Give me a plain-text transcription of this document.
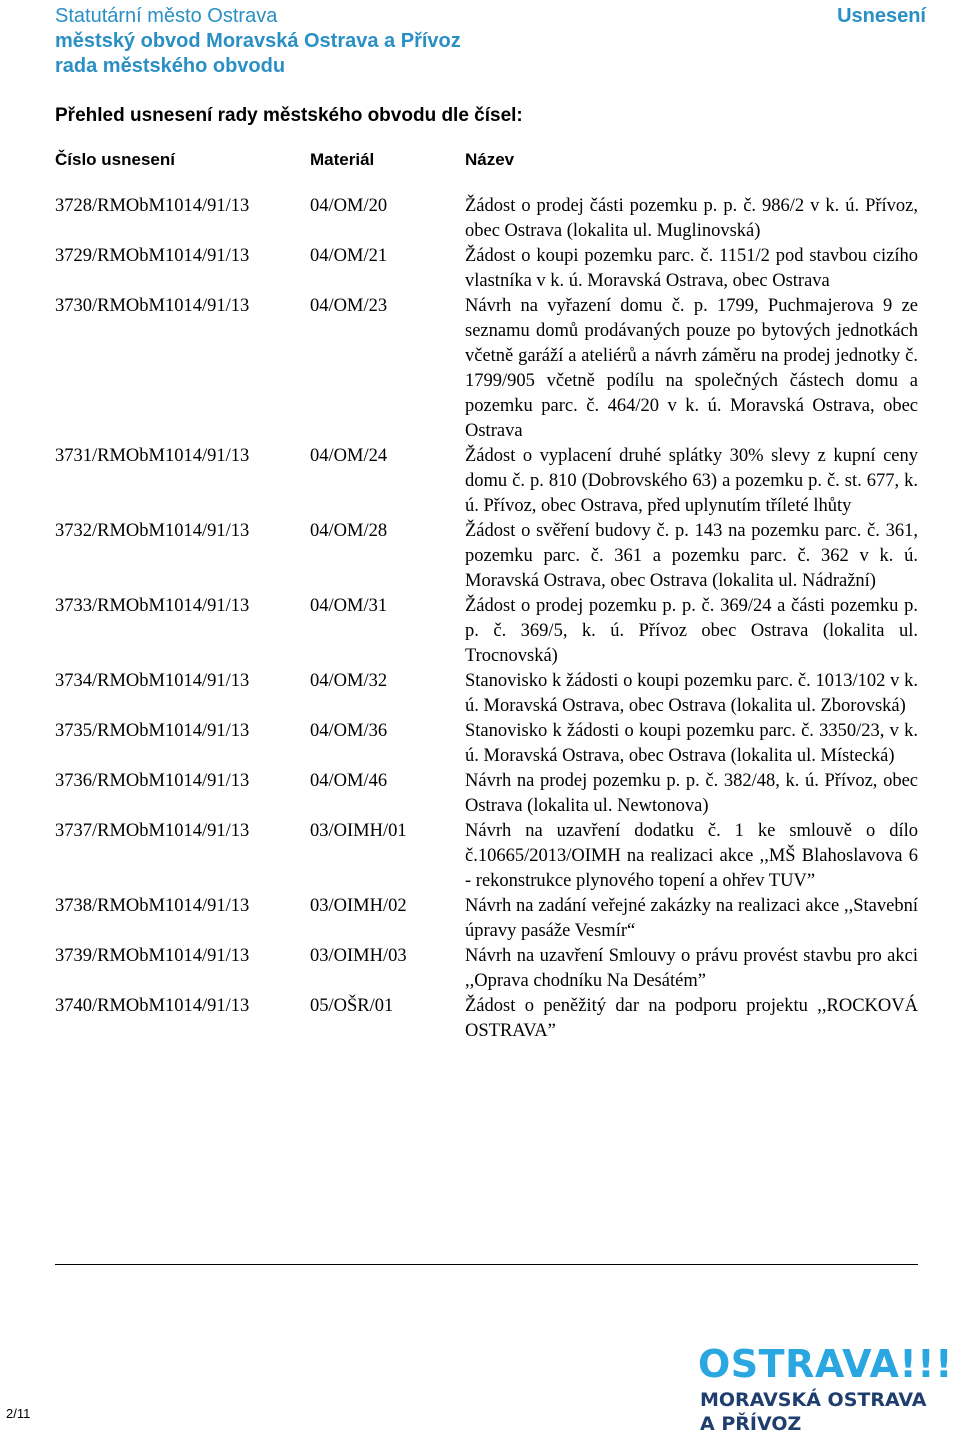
Statutární město Ostrava
městský obvod Moravská Ostrava a Přívoz
rada městského obvodu
Usnesení
Přehled usnesení rady městského obvodu dle čísel:
Číslo usnesení	Materiál	Název
3728/RMObM1014/91/13	04/OM/20	Žádost o prodej části pozemku p. p. č. 986/2 v k. ú. Přívoz, obec Ostrava (lokalita ul. Muglinovská)
3729/RMObM1014/91/13	04/OM/21	Žádost o koupi pozemku parc. č. 1151/2 pod stavbou cizího vlastníka v k. ú. Moravská Ostrava, obec Ostrava
3730/RMObM1014/91/13	04/OM/23	Návrh na vyřazení domu č. p. 1799, Puchmajerova 9 ze seznamu domů prodávaných pouze po bytových jednotkách včetně garáží a ateliérů a návrh záměru na prodej jednotky č. 1799/905 včetně podílu na společných částech domu a pozemku parc. č. 464/20 v k. ú. Moravská Ostrava, obec Ostrava
3731/RMObM1014/91/13	04/OM/24	Žádost o vyplacení druhé splátky 30% slevy z kupní ceny domu č. p. 810 (Dobrovského 63) a pozemku p. č. st. 677, k. ú. Přívoz, obec Ostrava, před uplynutím tříleté lhůty
3732/RMObM1014/91/13	04/OM/28	Žádost o svěření budovy č. p. 143 na pozemku parc. č. 361, pozemku parc. č. 361 a pozemku parc. č. 362 v k. ú. Moravská Ostrava, obec Ostrava (lokalita ul. Nádražní)
3733/RMObM1014/91/13	04/OM/31	Žádost o prodej pozemku p. p. č. 369/24 a části pozemku p. p. č. 369/5, k. ú. Přívoz obec Ostrava (lokalita ul. Trocnovská)
3734/RMObM1014/91/13	04/OM/32	Stanovisko k žádosti o koupi pozemku parc. č. 1013/102 v k. ú. Moravská Ostrava, obec Ostrava (lokalita ul. Zborovská)
3735/RMObM1014/91/13	04/OM/36	Stanovisko k žádosti o koupi pozemku parc. č. 3350/23, v k. ú. Moravská Ostrava, obec Ostrava (lokalita ul. Místecká)
3736/RMObM1014/91/13	04/OM/46	Návrh na prodej pozemku p. p. č. 382/48, k. ú. Přívoz, obec Ostrava (lokalita ul. Newtonova)
3737/RMObM1014/91/13	03/OIMH/01	Návrh na uzavření dodatku č. 1 ke smlouvě o dílo č.10665/2013/OIMH na realizaci akce ,,MŠ Blahoslavova 6 - rekonstrukce plynového topení a ohřev TUV”
3738/RMObM1014/91/13	03/OIMH/02	Návrh na zadání veřejné zakázky na realizaci akce ,,Stavební úpravy pasáže Vesmír“
3739/RMObM1014/91/13	03/OIMH/03	Návrh na uzavření Smlouvy o právu provést stavbu pro akci ,,Oprava chodníku Na Desátém”
3740/RMObM1014/91/13	05/OŠR/01	Žádost o peněžitý dar na podporu projektu ,,ROCKOVÁ OSTRAVA”
2/11
OSTRAVA!!!
MORAVSKÁ OSTRAVA
A PŘÍVOZ
